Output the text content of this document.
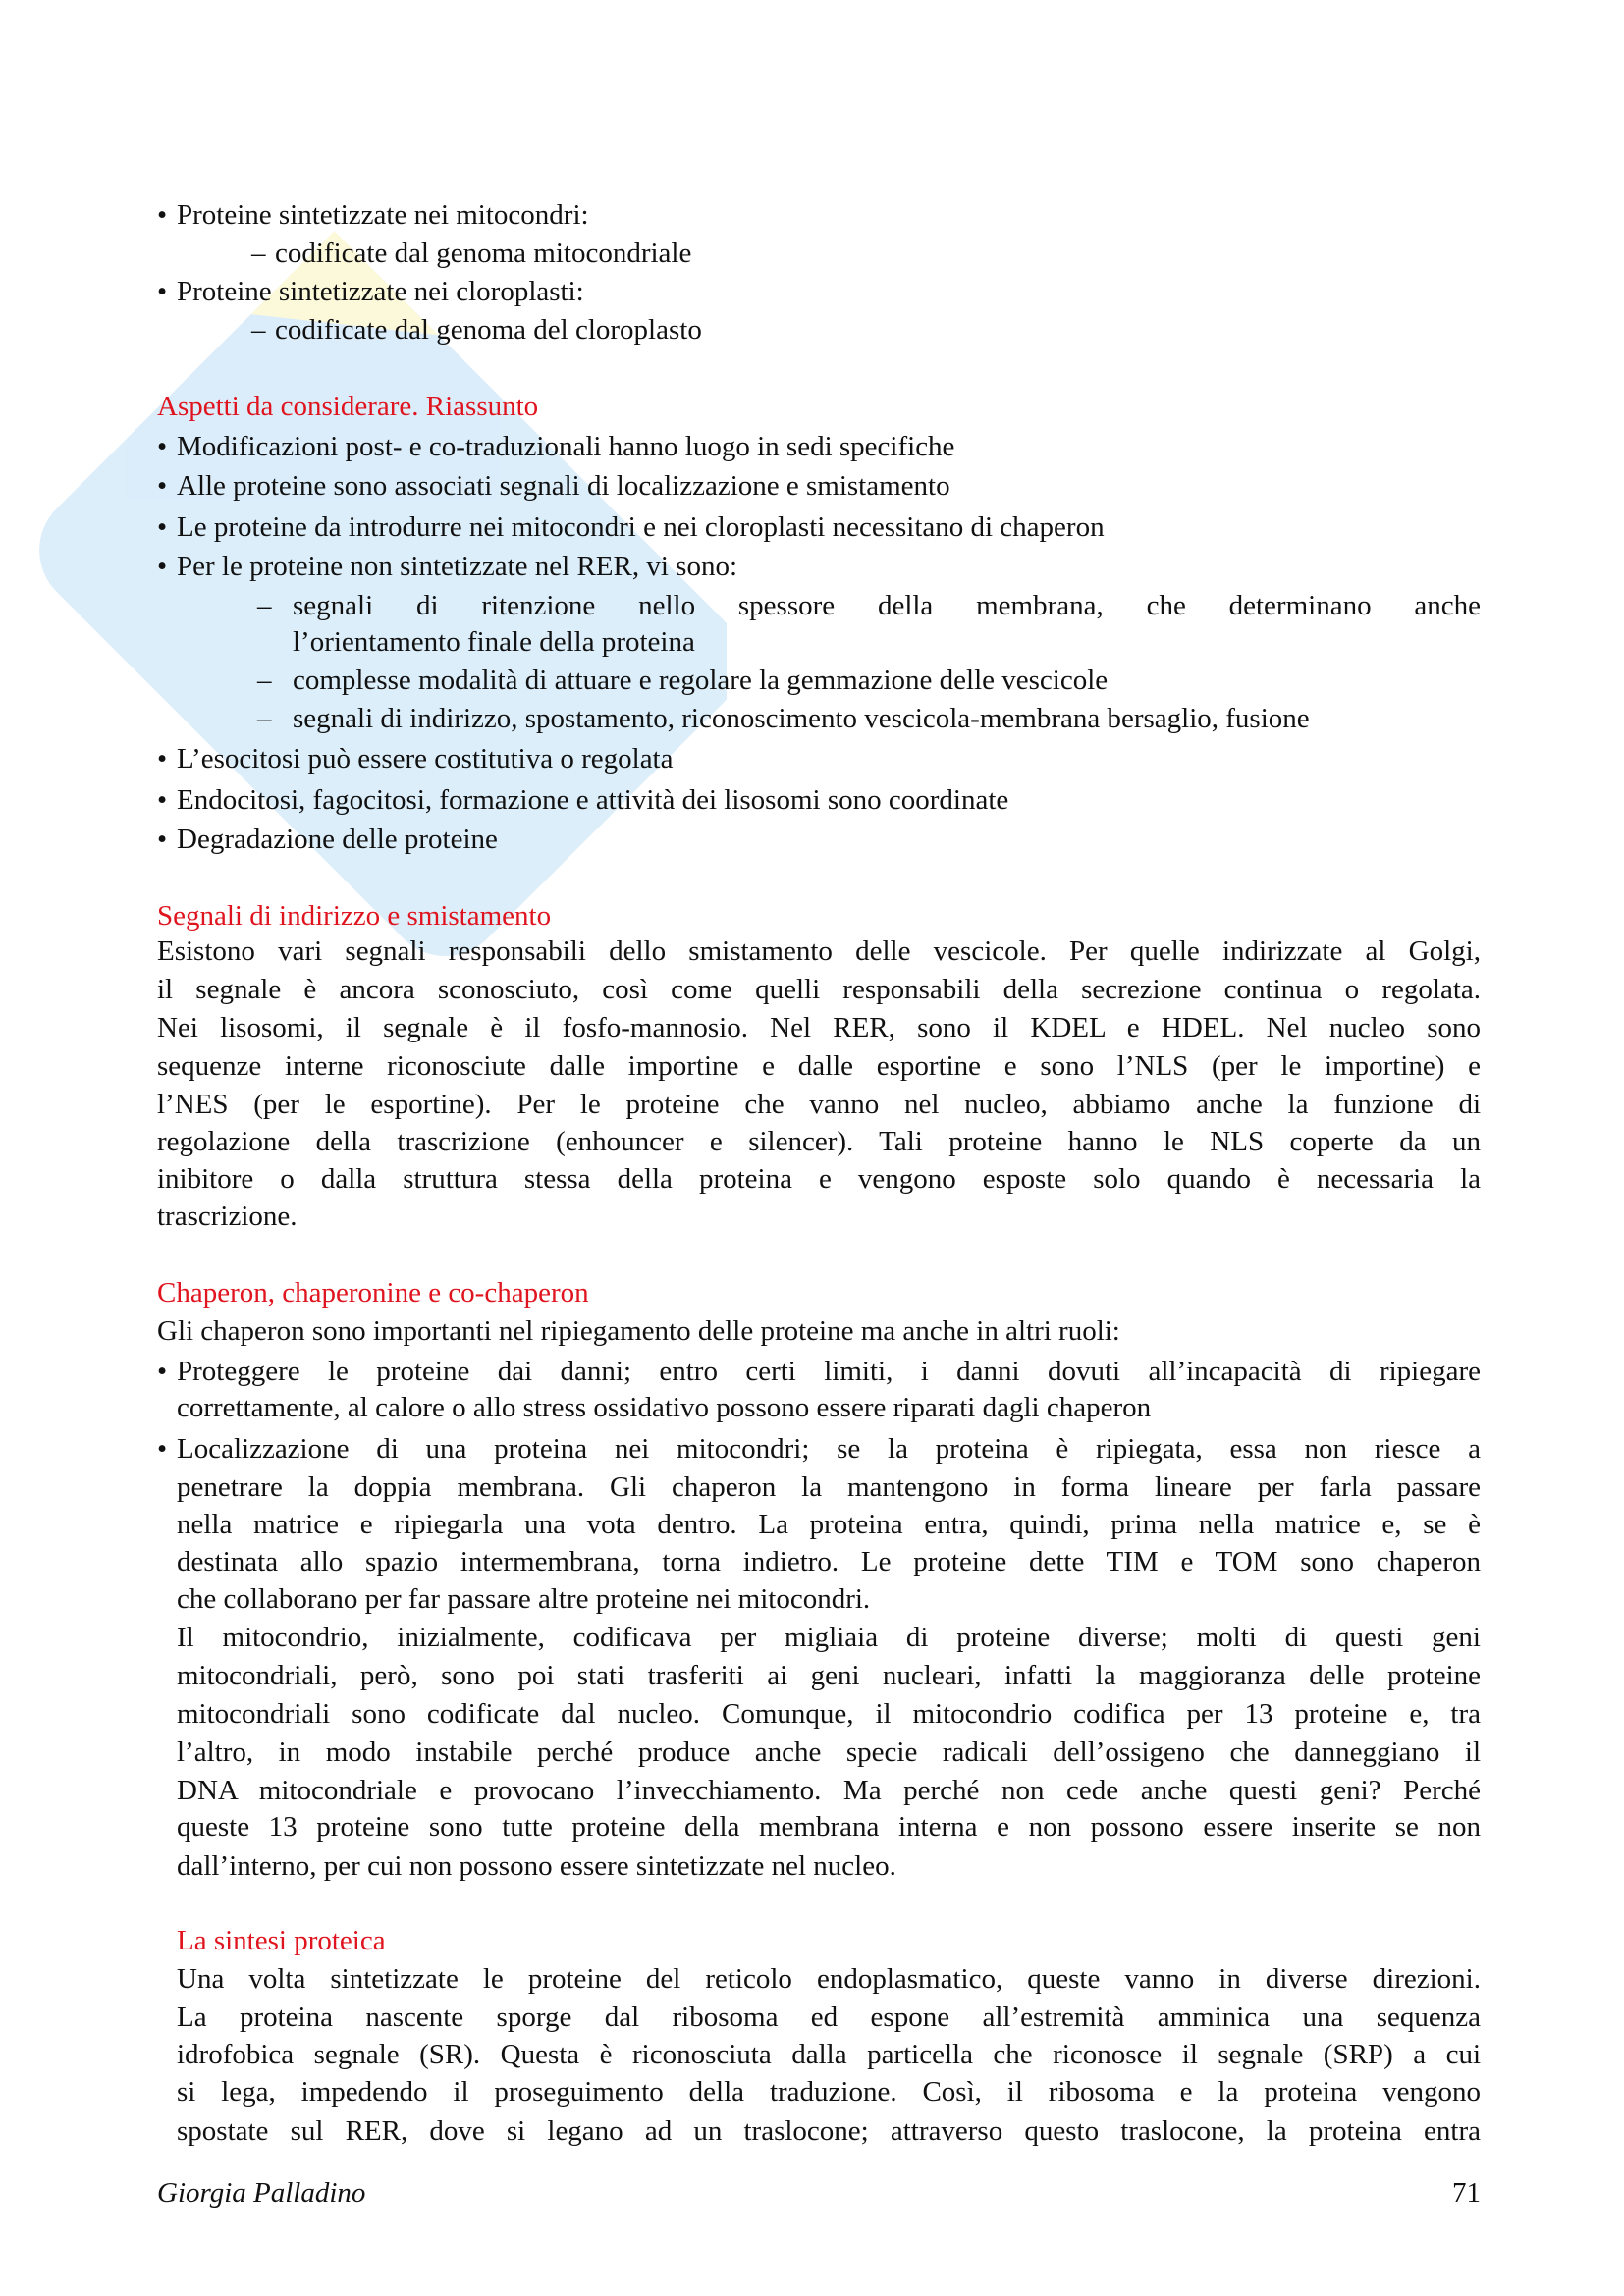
• Proteine sintetizzate nei mitocondri:
– codificate dal genoma mitocondriale
• Proteine sintetizzate nei cloroplasti:
– codificate dal genoma del cloroplasto
Aspetti da considerare. Riassunto
• Modificazioni post- e co-traduzionali hanno luogo in sedi specifiche
• Alle proteine sono associati segnali di localizzazione e smistamento
• Le proteine da introdurre nei mitocondri e nei cloroplasti necessitano di chaperon
• Per le proteine non sintetizzate nel RER, vi sono:
– segnali di ritenzione nello spessore della membrana, che determinano anche
l’orientamento finale della proteina
– complesse modalità di attuare e regolare la gemmazione delle vescicole
– segnali di indirizzo, spostamento, riconoscimento vescicola-membrana bersaglio, fusione
• L’esocitosi può essere costitutiva o regolata
• Endocitosi, fagocitosi, formazione e attività dei lisosomi sono coordinate
• Degradazione delle proteine
Segnali di indirizzo e smistamento
Esistono vari segnali responsabili dello smistamento delle vescicole. Per quelle indirizzate al Golgi,
il segnale è ancora sconosciuto, così come quelli responsabili della secrezione continua o regolata.
Nei lisosomi, il segnale è il fosfo-mannosio. Nel RER, sono il KDEL e HDEL. Nel nucleo sono
sequenze interne riconosciute dalle importine e dalle esportine e sono l’NLS (per le importine) e
l’NES (per le esportine). Per le proteine che vanno nel nucleo, abbiamo anche la funzione di
regolazione della trascrizione (enhouncer e silencer). Tali proteine hanno le NLS coperte da un
inibitore o dalla struttura stessa della proteina e vengono esposte solo quando è necessaria la
trascrizione.
Chaperon, chaperonine e co-chaperon
Gli chaperon sono importanti nel ripiegamento delle proteine ma anche in altri ruoli:
• Proteggere le proteine dai danni; entro certi limiti, i danni dovuti all’incapacità di ripiegare
correttamente, al calore o allo stress ossidativo possono essere riparati dagli chaperon
• Localizzazione di una proteina nei mitocondri; se la proteina è ripiegata, essa non riesce a
penetrare la doppia membrana. Gli chaperon la mantengono in forma lineare per farla passare
nella matrice e ripiegarla una vota dentro. La proteina entra, quindi, prima nella matrice e, se è
destinata allo spazio intermembrana, torna indietro. Le proteine dette TIM e TOM sono chaperon
che collaborano per far passare altre proteine nei mitocondri.
Il mitocondrio, inizialmente, codificava per migliaia di proteine diverse; molti di questi geni
mitocondriali, però, sono poi stati trasferiti ai geni nucleari, infatti la maggioranza delle proteine
mitocondriali sono codificate dal nucleo. Comunque, il mitocondrio codifica per 13 proteine e, tra
l’altro, in modo instabile perché produce anche specie radicali dell’ossigeno che danneggiano il
DNA mitocondriale e provocano l’invecchiamento. Ma perché non cede anche questi geni? Perché
queste 13 proteine sono tutte proteine della membrana interna e non possono essere inserite se non
dall’interno, per cui non possono essere sintetizzate nel nucleo.
La sintesi proteica
Una volta sintetizzate le proteine del reticolo endoplasmatico, queste vanno in diverse direzioni.
La proteina nascente sporge dal ribosoma ed espone all’estremità amminica una sequenza
idrofobica segnale (SR). Questa è riconosciuta dalla particella che riconosce il segnale (SRP) a cui
si lega, impedendo il proseguimento della traduzione. Così, il ribosoma e la proteina vengono
spostate sul RER, dove si legano ad un traslocone; attraverso questo traslocone, la proteina entra
Giorgia Palladino	71
